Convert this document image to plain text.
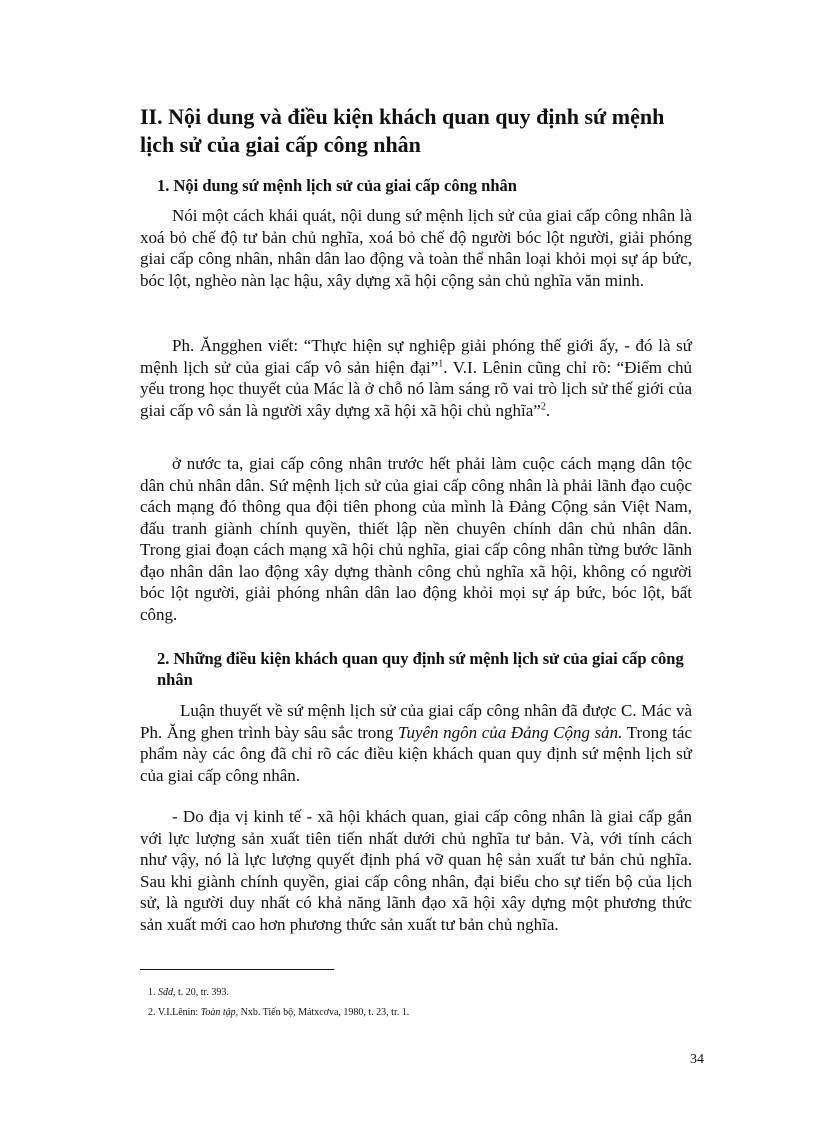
II. Nội dung và điều kiện khách quan quy định sứ mệnh lịch sử của giai cấp công nhân
1. Nội dung sứ mệnh lịch sử của giai cấp công nhân

Nói một cách khái quát, nội dung sứ mệnh lịch sử của giai cấp công nhân là xoá bỏ chế độ tư bản chủ nghĩa, xoá bỏ chế độ người bóc lột người, giải phóng giai cấp công nhân, nhân dân lao động và toàn thể nhân loại khỏi mọi sự áp bức, bóc lột, nghèo nàn lạc hậu, xây dựng xã hội cộng sản chủ nghĩa văn minh.

Ph. Ăngghen viết: “Thực hiện sự nghiệp giải phóng thế giới ấy, - đó là sứ mệnh lịch sử của giai cấp vô sản hiện đại”$^1$. V.I. Lênin cũng chỉ rõ: “Điểm chủ yếu trong học thuyết của Mác là ở chỗ nó làm sáng rõ vai trò lịch sử thế giới của giai cấp vô sản là người xây dựng xã hội xã hội chủ nghĩa”$^2$.

ở nước ta, giai cấp công nhân trước hết phải làm cuộc cách mạng dân tộc dân chủ nhân dân. Sứ mệnh lịch sử của giai cấp công nhân là phải lãnh đạo cuộc cách mạng đó thông qua đội tiên phong của mình là Đảng Cộng sản Việt Nam, đấu tranh giành chính quyền, thiết lập nền chuyên chính dân chủ nhân dân. Trong giai đoạn cách mạng xã hội chủ nghĩa, giai cấp công nhân từng bước lãnh đạo nhân dân lao động xây dựng thành công chủ nghĩa xã hội, không có người bóc lột người, giải phóng nhân dân lao động khỏi mọi sự áp bức, bóc lột, bất công.

2. Những điều kiện khách quan quy định sứ mệnh lịch sử của giai cấp công nhân

Luận thuyết về sứ mệnh lịch sử của giai cấp công nhân đã được C. Mác và Ph. Ăng ghen trình bày sâu sắc trong Tuyên ngôn của Đảng Cộng sản. Trong tác phẩm này các ông đã chỉ rõ các điều kiện khách quan quy định sứ mệnh lịch sử của giai cấp công nhân.

- Do địa vị kinh tế - xã hội khách quan, giai cấp công nhân là giai cấp gắn với lực lượng sản xuất tiên tiến nhất dưới chủ nghĩa tư bản. Và, với tính cách như vậy, nó là lực lượng quyết định phá vỡ quan hệ sản xuất tư bản chủ nghĩa. Sau khi giành chính quyền, giai cấp công nhân, đại biểu cho sự tiến bộ của lịch sử, là người duy nhất có khả năng lãnh đạo xã hội xây dựng một phương thức sản xuất mới cao hơn phương thức sản xuất tư bản chủ nghĩa.

1. Sđd, t. 20, tr. 393.

2. V.I.Lênin: Toàn tập, Nxb. Tiến bộ, Mátxcơva, 1980, t. 23, tr. 1.

34
